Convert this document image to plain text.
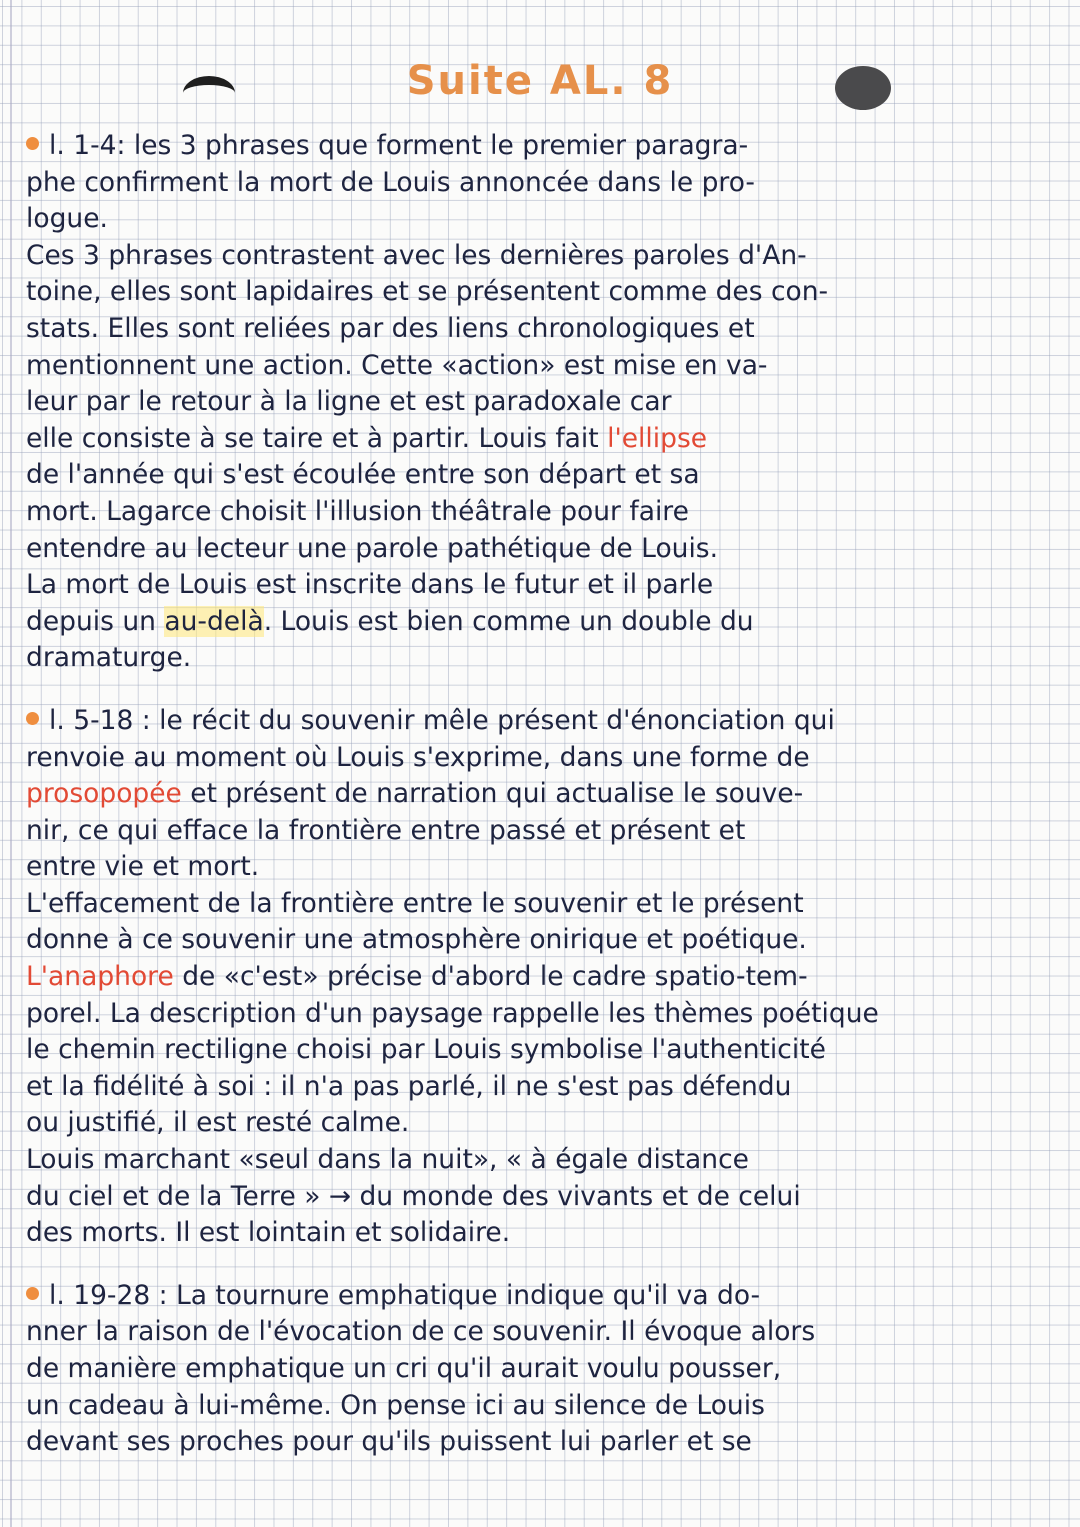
Suite AL. 8
l. 1-4: les 3 phrases que forment le premier paragra-
phe confirment la mort de Louis annoncée dans le pro-
logue.
Ces 3 phrases contrastent avec les dernières paroles d'An-
toine, elles sont lapidaires et se présentent comme des con-
stats. Elles sont reliées par des liens chronologiques et
mentionnent une action. Cette «action» est mise en va-
leur par le retour à la ligne et est paradoxale car
elle consiste à se taire et à partir. Louis fait l'ellipse
de l'année qui s'est écoulée entre son départ et sa
mort. Lagarce choisit l'illusion théâtrale pour faire
entendre au lecteur une parole pathétique de Louis.
La mort de Louis est inscrite dans le futur et il parle
depuis un au-delà. Louis est bien comme un double du
dramaturge.
l. 5-18 : le récit du souvenir mêle présent d'énonciation qui
renvoie au moment où Louis s'exprime, dans une forme de
prosopopée et présent de narration qui actualise le souve-
nir, ce qui efface la frontière entre passé et présent et
entre vie et mort.
L'effacement de la frontière entre le souvenir et le présent
donne à ce souvenir une atmosphère onirique et poétique.
L'anaphore de «c'est» précise d'abord le cadre spatio-tem-
porel. La description d'un paysage rappelle les thèmes poétique
le chemin rectiligne choisi par Louis symbolise l'authenticité
et la fidélité à soi : il n'a pas parlé, il ne s'est pas défendu
ou justifié, il est resté calme.
Louis marchant «seul dans la nuit», « à égale distance
du ciel et de la Terre » → du monde des vivants et de celui
des morts. Il est lointain et solidaire.
l. 19-28 : La tournure emphatique indique qu'il va do-
nner la raison de l'évocation de ce souvenir. Il évoque alors
de manière emphatique un cri qu'il aurait voulu pousser,
un cadeau à lui-même. On pense ici au silence de Louis
devant ses proches pour qu'ils puissent lui parler et se
